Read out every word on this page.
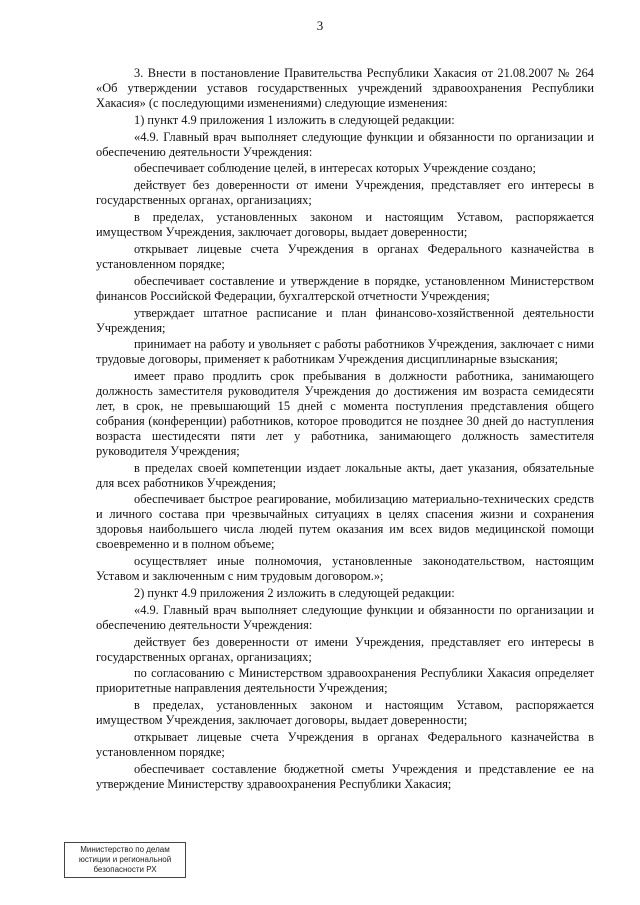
3

3. Внести в постановление Правительства Республики Хакасия от 21.08.2007 № 264 «Об утверждении уставов государственных учреждений здравоохранения Республики Хакасия» (с последующими изменениями) следующие изменения:

1) пункт 4.9 приложения 1 изложить в следующей редакции:

«4.9. Главный врач выполняет следующие функции и обязанности по организации и обеспечению деятельности Учреждения:

обеспечивает соблюдение целей, в интересах которых Учреждение создано;

действует без доверенности от имени Учреждения, представляет его интересы в государственных органах, организациях;

в пределах, установленных законом и настоящим Уставом, распоряжается имуществом Учреждения, заключает договоры, выдает доверенности;

открывает лицевые счета Учреждения в органах Федерального казначейства в установленном порядке;

обеспечивает составление и утверждение в порядке, установленном Министерством финансов Российской Федерации, бухгалтерской отчетности Учреждения;

утверждает штатное расписание и план финансово-хозяйственной деятельности Учреждения;

принимает на работу и увольняет с работы работников Учреждения, заключает с ними трудовые договоры, применяет к работникам Учреждения дисциплинарные взыскания;

имеет право продлить срок пребывания в должности работника, занимающего должность заместителя руководителя Учреждения до достижения им возраста семидесяти лет, в срок, не превышающий 15 дней с момента поступления представления общего собрания (конференции) работников, которое проводится не позднее 30 дней до наступления возраста шестидесяти пяти лет у работника, занимающего должность заместителя руководителя Учреждения;

в пределах своей компетенции издает локальные акты, дает указания, обязательные для всех работников Учреждения;

обеспечивает быстрое реагирование, мобилизацию материально-технических средств и личного состава при чрезвычайных ситуациях в целях спасения жизни и сохранения здоровья наибольшего числа людей путем оказания им всех видов медицинской помощи своевременно и в полном объеме;

осуществляет иные полномочия, установленные законодательством, настоящим Уставом и заключенным с ним трудовым договором.»;

2) пункт 4.9 приложения 2 изложить в следующей редакции:

«4.9. Главный врач выполняет следующие функции и обязанности по организации и обеспечению деятельности Учреждения:

действует без доверенности от имени Учреждения, представляет его интересы в государственных органах, организациях;

по согласованию с Министерством здравоохранения Республики Хакасия определяет приоритетные направления деятельности Учреждения;

в пределах, установленных законом и настоящим Уставом, распоряжается имуществом Учреждения, заключает договоры, выдает доверенности;

открывает лицевые счета Учреждения в органах Федерального казначейства в установленном порядке;

обеспечивает составление бюджетной сметы Учреждения и представление ее на утверждение Министерству здравоохранения Республики Хакасия;

Министерство по делам
юстиции и региональной
безопасности РХ
